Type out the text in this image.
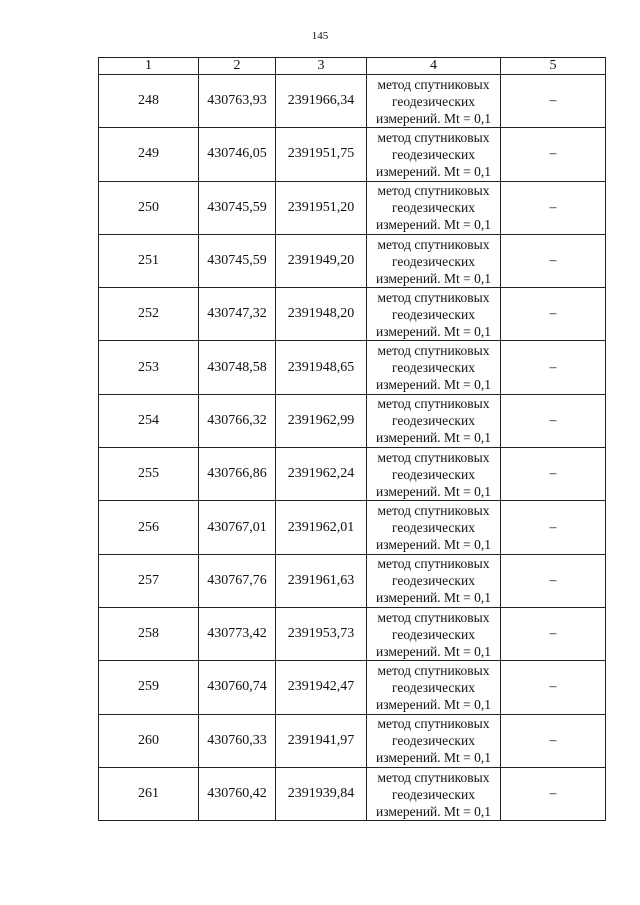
145
1	2	3	4	5
248	430763,93	2391966,34	метод спутниковых
геодезических
измерений. Mt = 0,1	–
249	430746,05	2391951,75	метод спутниковых
геодезических
измерений. Mt = 0,1	–
250	430745,59	2391951,20	метод спутниковых
геодезических
измерений. Mt = 0,1	–
251	430745,59	2391949,20	метод спутниковых
геодезических
измерений. Mt = 0,1	–
252	430747,32	2391948,20	метод спутниковых
геодезических
измерений. Mt = 0,1	–
253	430748,58	2391948,65	метод спутниковых
геодезических
измерений. Mt = 0,1	–
254	430766,32	2391962,99	метод спутниковых
геодезических
измерений. Mt = 0,1	–
255	430766,86	2391962,24	метод спутниковых
геодезических
измерений. Mt = 0,1	–
256	430767,01	2391962,01	метод спутниковых
геодезических
измерений. Mt = 0,1	–
257	430767,76	2391961,63	метод спутниковых
геодезических
измерений. Mt = 0,1	–
258	430773,42	2391953,73	метод спутниковых
геодезических
измерений. Mt = 0,1	–
259	430760,74	2391942,47	метод спутниковых
геодезических
измерений. Mt = 0,1	–
260	430760,33	2391941,97	метод спутниковых
геодезических
измерений. Mt = 0,1	–
261	430760,42	2391939,84	метод спутниковых
геодезических
измерений. Mt = 0,1	–
